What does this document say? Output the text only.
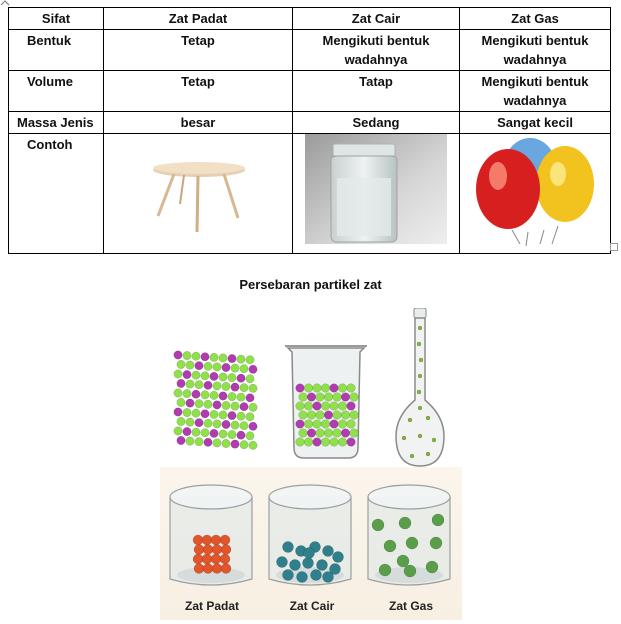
Sifat	Zat Padat	Zat Cair	Zat Gas
Bentuk	Tetap	Mengikuti bentuk wadahnya	Mengikuti bentuk wadahnya
Volume	Tetap	Tatap	Mengikuti bentuk wadahnya
Massa Jenis	besar	Sedang	Sangat kecil
Contoh			
Persebaran partikel zat
Zat Padat	Zat Cair	Zat Gas
